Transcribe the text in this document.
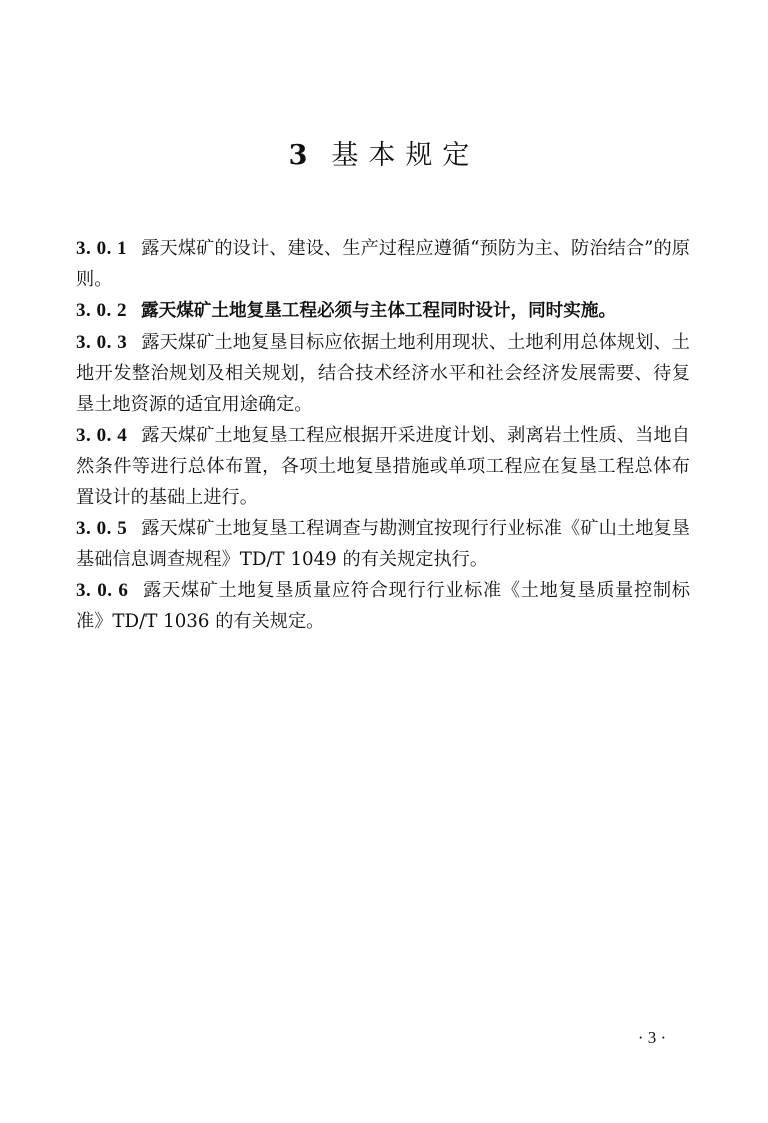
3 基本规定

3. 0. 1 露天煤矿的设计、建设、生产过程应遵循“预防为主、防治结合”的原则。

3. 0. 2 露天煤矿土地复垦工程必须与主体工程同时设计，同时实施。

3. 0. 3 露天煤矿土地复垦目标应依据土地利用现状、土地利用总体规划、土地开发整治规划及相关规划，结合技术经济水平和社会经济发展需要、待复垦土地资源的适宜用途确定。

3. 0. 4 露天煤矿土地复垦工程应根据开采进度计划、剥离岩土性质、当地自然条件等进行总体布置，各项土地复垦措施或单项工程应在复垦工程总体布置设计的基础上进行。

3. 0. 5 露天煤矿土地复垦工程调查与勘测宜按现行行业标准《矿山土地复垦基础信息调查规程》TD/T 1049 的有关规定执行。

3. 0. 6 露天煤矿土地复垦质量应符合现行行业标准《土地复垦质量控制标准》TD/T 1036 的有关规定。

· 3 ·
